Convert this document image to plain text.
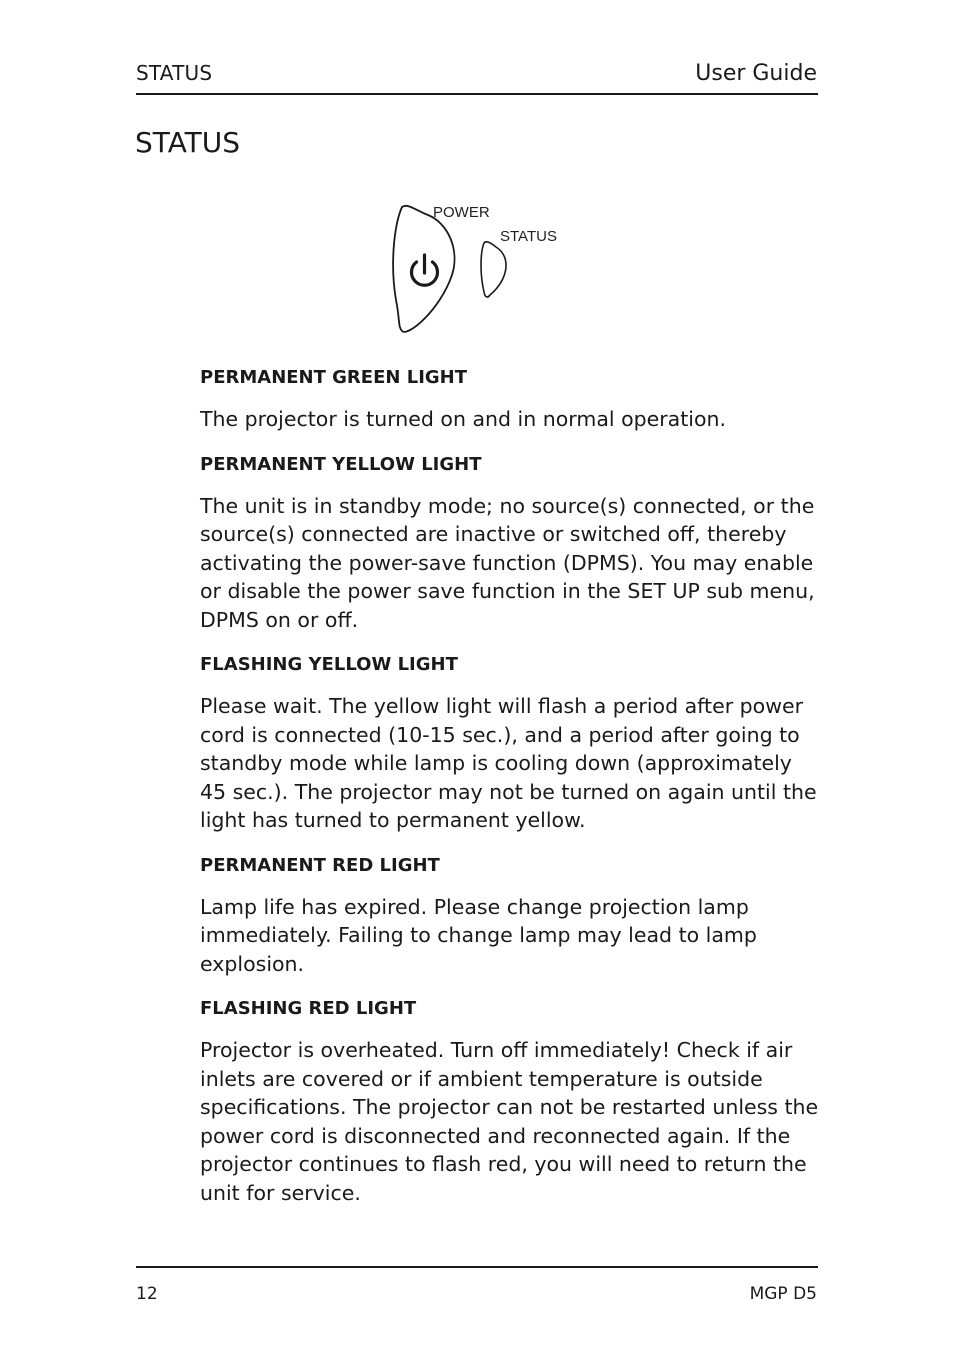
STATUS	User Guide
STATUS
POWER
STATUS
PERMANENT GREEN LIGHT

The projector is turned on and in normal operation.

PERMANENT YELLOW LIGHT

The unit is in standby mode; no source(s) connected, or the source(s) connected are inactive or switched off, thereby activating the power-save function (DPMS). You may enable or disable the power save function in the SET UP sub menu, DPMS on or off.

FLASHING YELLOW LIGHT

Please wait. The yellow light will flash a period after power cord is connected (10-15 sec.), and a period after going to standby mode while lamp is cooling down (approximately 45 sec.). The projector may not be turned on again until the light has turned to permanent yellow.

PERMANENT RED LIGHT

Lamp life has expired. Please change projection lamp immediately. Failing to change lamp may lead to lamp explosion.

FLASHING RED LIGHT

Projector is overheated. Turn off immediately! Check if air inlets are covered or if ambient temperature is outside specifications. The projector can not be restarted unless the power cord is disconnected and reconnected again. If the projector continues to flash red, you will need to return the unit for service.

12	MGP D5
